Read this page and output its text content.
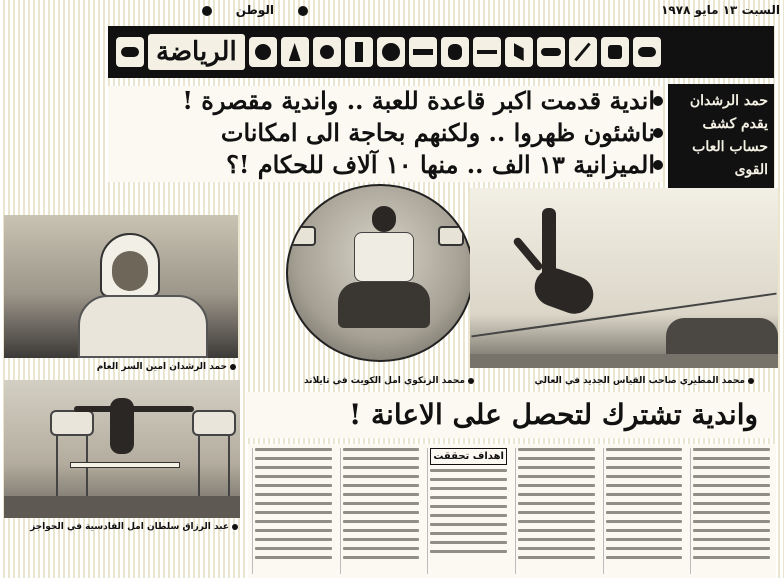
الوطن	السبت ١٣ مايو ١٩٧٨
الرياضة
اندية قدمت اكبر قاعدة للعبة .. واندية مقصرة !
ناشئون ظهروا .. ولكنهم بحاجة الى امكانات
الميزانية ١٣ الف .. منها ١٠ آلاف للحكام !؟
حمد الرشدان
يقدم كشف
حساب العاب
القوى
حمد الرشدان امين السر العام
محمد الزنكوي امل الكويت في تايلاند	محمد المطيري صاحب القياس الجديد في العالي
عبد الرزاق سلطان امل القادسية في الحواجز
واندية تشترك لتحصل على الاعانة !
اهداف تحققت
